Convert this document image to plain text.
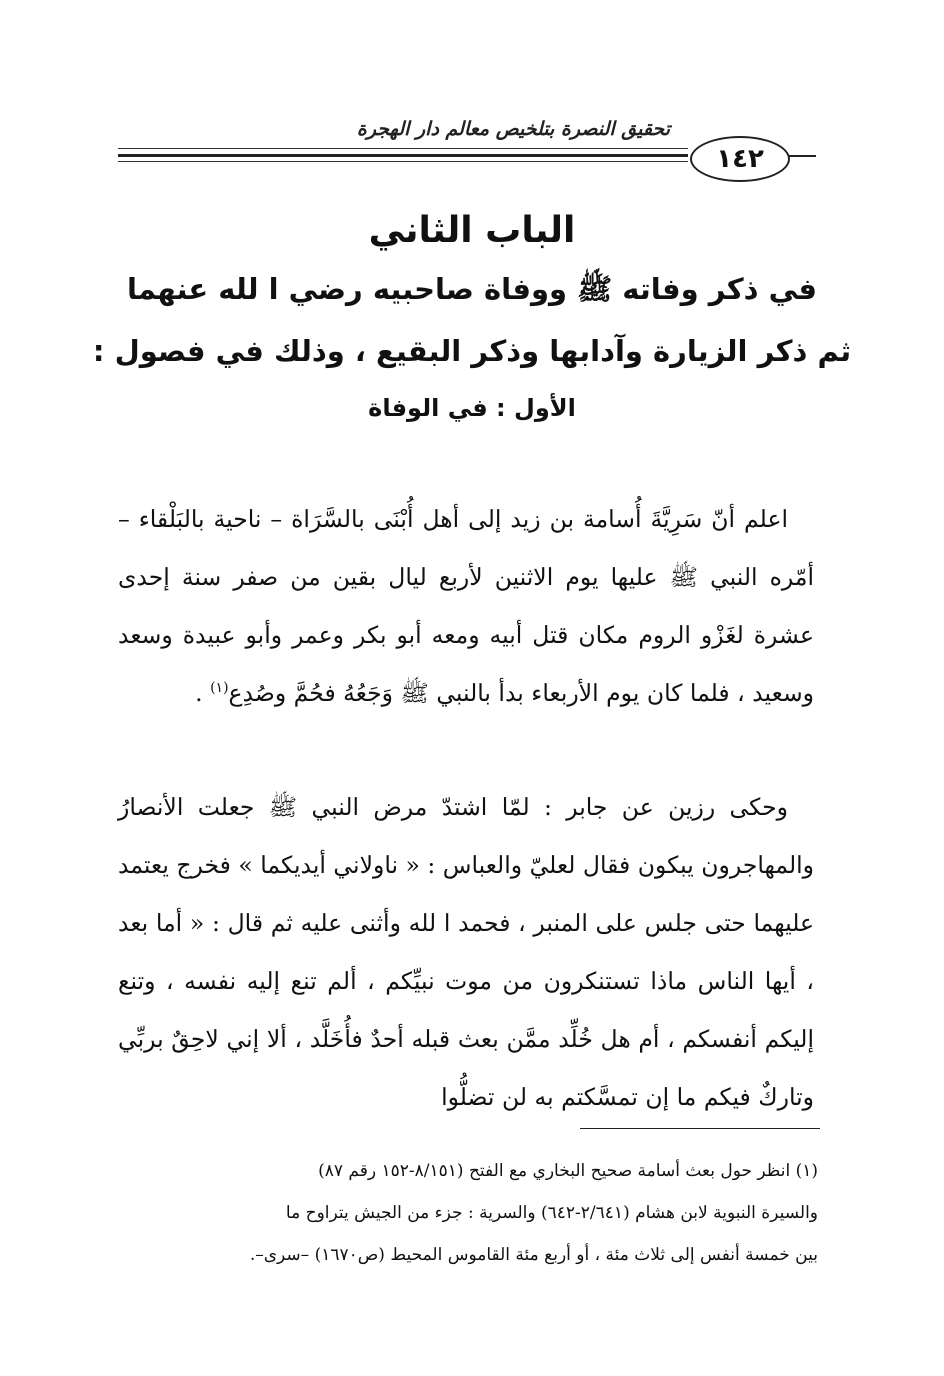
تحقيق النصرة بتلخيص معالم دار الهجرة
١٤٢
الباب الثاني
في ذكر وفاته ﷺ ووفاة صاحبيه رضي ا لله عنهما
ثم ذكر الزيارة وآدابها وذكر البقيع ، وذلك في فصول :
الأول : في الوفاة
اعلم أنّ سَرِيَّةَ أُسامة بن زيد إلى أهل أُبْنَى بالسَّرَاة – ناحية بالبَلْقاء – أمّره النبي ﷺ عليها يوم الاثنين لأربع ليال بقين من صفر سنة إحدى عشرة لغَزْو الروم مكان قتل أبيه ومعه أبو بكر وعمر وأبو عبيدة وسعد وسعيد ، فلما كان يوم الأربعاء بدأ بالنبي ﷺ وَجَعُهُ فحُمَّ وصُدِع$^{(١)}$ .
وحكى رزين عن جابر : لمّا اشتدّ مرض النبي ﷺ جعلت الأنصارُ والمهاجرون يبكون فقال لعليّ والعباس : « ناولاني أيديكما » فخرج يعتمد عليهما حتى جلس على المنبر ، فحمد ا لله وأثنى عليه ثم قال : « أما بعد ، أيها الناس ماذا تستنكرون من موت نبيِّكم ، ألم تنع إليه نفسه ، وتنع إليكم أنفسكم ، أم هل خُلِّد ممَّن بعث قبله أحدٌ فأُخَلَّد ، ألا إني لاحِقٌ بربِّي وتاركٌ فيكم ما إن تمسَّكتم به لن تضلُّوا
(١) انظر حول بعث أسامة صحيح البخاري مع الفتح (٨/١٥١-١٥٢ رقم ٨٧)
والسيرة النبوية لابن هشام (٢/٦٤١-٦٤٢) والسرية : جزء من الجيش يتراوح ما
بين خمسة أنفس إلى ثلاث مئة ، أو أربع مئة القاموس المحيط (ص١٦٧٠) –سرى–.
